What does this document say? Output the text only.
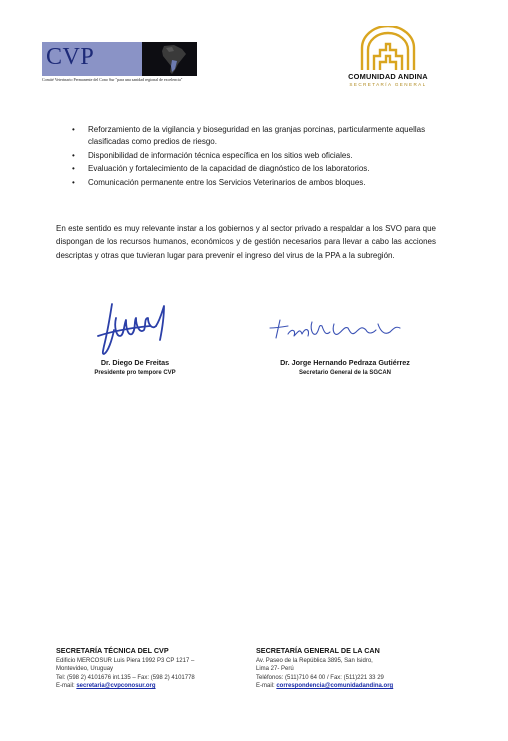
CVP
Comité Veterinario Permanente del Cono Sur "para una sanidad regional de excelencia"	COMUNIDAD ANDINA
SECRETARÍA GENERAL
• Reforzamiento de la vigilancia y bioseguridad en las granjas porcinas, particularmente aquellas clasificadas como predios de riesgo.
• Disponibilidad de información técnica específica en los sitios web oficiales.
• Evaluación y fortalecimiento de la capacidad de diagnóstico de los laboratorios.
• Comunicación permanente entre los Servicios Veterinarios de ambos bloques.

En este sentido es muy relevante instar a los gobiernos y al sector privado a respaldar a los SVO para que dispongan de los recursos humanos, económicos y de gestión necesarios para llevar a cabo las acciones descriptas y otras que tuvieran lugar para prevenir el ingreso del virus de la PPA a la subregión.

Dr. Diego De Freitas
Presidente pro tempore CVP
Dr. Jorge Hernando Pedraza Gutiérrez
Secretario General de la SGCAN
SECRETARÍA TÉCNICA DEL CVP
Edificio MERCOSUR Luis Piera 1992 P3 CP 1217 –
Montevideo, Uruguay
Tel: (598 2) 4101676 int.135 – Fax: (598 2) 4101778
E-mail: secretaria@cvpconosur.org
SECRETARÍA GENERAL DE LA CAN
Av. Paseo de la República 3895, San Isidro,
Lima 27- Perú
Teléfonos: (511)710 64 00 / Fax: (511)221 33 29
E-mail: correspondencia@comunidadandina.org
